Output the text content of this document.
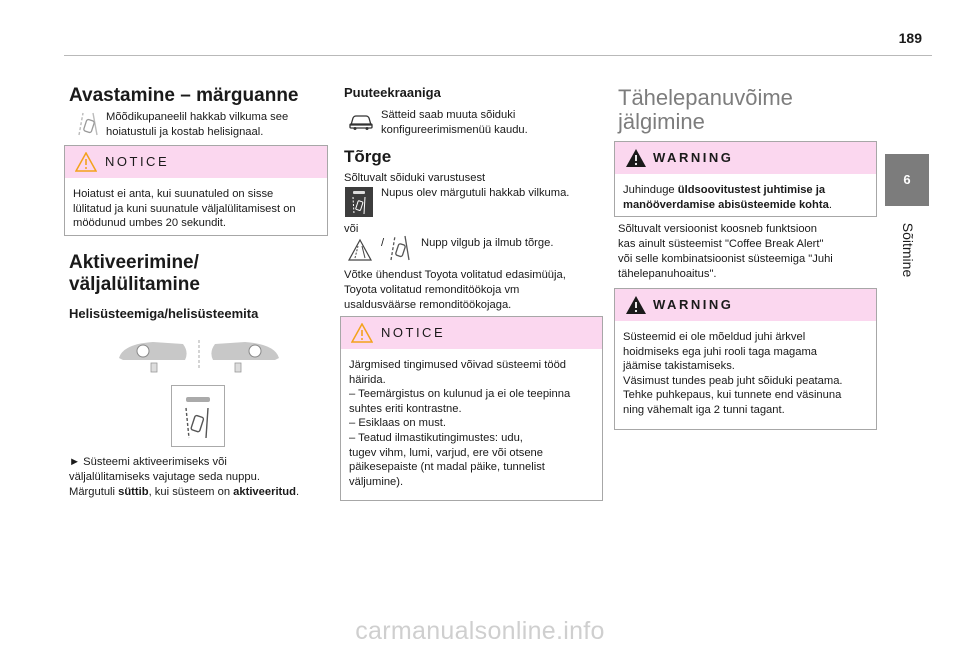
189
Avastamine – märguanne

Mõõdikupaneelil hakkab vilkuma see

hoiatustuli ja kostab helisignaal.

NOTICE
Hoiatust ei anta, kui suunatuled on sisse
lülitatud ja kuni suunatule väljalülitamisest on
möödunud umbes 20 sekundit.
Aktiveerimine/
väljalülitamine
Helisüsteemiga/helisüsteemita

► Süsteemi aktiveerimiseks või

väljalülitamiseks vajutage seda nuppu.

Märgutuli süttib, kui süsteem on aktiveeritud.

Puuteekraaniga

Sätteid saab muuta sõiduki

konfigureerimismenüü kaudu.

Tõrge

Sõltuvalt sõiduki varustusest

Nupus olev märgutuli hakkab vilkuma.

või

/	Nupp vilgub ja ilmub tõrge.

Võtke ühendust Toyota volitatud edasimüüja,

Toyota volitatud remonditöökoja vm

usaldusväärse remonditöökojaga.

NOTICE
Järgmised tingimused võivad süsteemi tööd
häirida.
– Teemärgistus on kulunud ja ei ole teepinna
suhtes eriti kontrastne.
– Esiklaas on must.
– Teatud ilmastikutingimustes: udu,
tugev vihm, lumi, varjud, ere või otsene
päikesepaiste (nt madal päike, tunnelist
väljumine).
Tähelepanuvõime
jälgimine
WARNING
Juhinduge üldsoovitustest juhtimise ja
manööverdamise abisüsteemide kohta.

Sõltuvalt versioonist koosneb funktsioon

kas ainult süsteemist "Coffee Break Alert"

või selle kombinatsioonist süsteemiga "Juhi

tähelepanuhoaitus".

WARNING
Süsteemid ei ole mõeldud juhi ärkvel
hoidmiseks ega juhi rooli taga magama
jäämise takistamiseks.
Väsimust tundes peab juht sõiduki peatama.
Tehke puhkepaus, kui tunnete end väsinuna
ning vähemalt iga 2 tunni tagant.
6
Sõitmine
carmanualsonline.info
